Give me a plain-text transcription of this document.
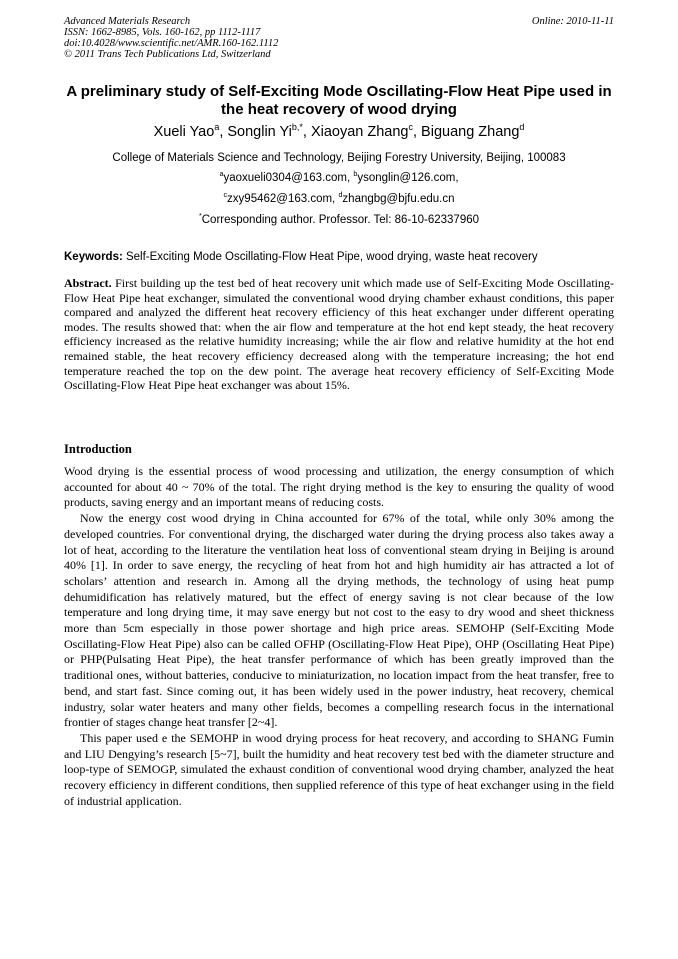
Advanced Materials Research
ISSN: 1662-8985, Vols. 160-162, pp 1112-1117
doi:10.4028/www.scientific.net/AMR.160-162.1112
© 2011 Trans Tech Publications Ltd, Switzerland
Online: 2010-11-11
A preliminary study of Self-Exciting Mode Oscillating-Flow Heat Pipe used in the heat recovery of wood drying
Xueli Yao$^a$, Songlin $Yi^{b,*}$, Xiaoyan Zhang$^c$, Biguang Zhang$^d$
College of Materials Science and Technology, Beijing Forestry University, Beijing, 100083
$^a$yaoxueli0304@163.com, $^b$ysonglin@126.com,
$^c$zxy95462@163.com, $^d$zhangbg@bjfu.edu.cn
*Corresponding author. Professor. Tel: 86-10-62337960
Keywords: Self-Exciting Mode Oscillating-Flow Heat Pipe, wood drying, waste heat recovery
Abstract. First building up the test bed of heat recovery unit which made use of Self-Exciting Mode Oscillating-Flow Heat Pipe heat exchanger, simulated the conventional wood drying chamber exhaust conditions, this paper compared and analyzed the different heat recovery efficiency of this heat exchanger under different operating modes. The results showed that: when the air flow and temperature at the hot end kept steady, the heat recovery efficiency increased as the relative humidity increasing; while the air flow and relative humidity at the hot end remained stable, the heat recovery efficiency decreased along with the temperature increasing; the hot end temperature reached the top on the dew point. The average heat recovery efficiency of Self-Exciting Mode Oscillating-Flow Heat Pipe heat exchanger was about 15%.
Introduction

Wood drying is the essential process of wood processing and utilization, the energy consumption of which accounted for about 40 ~ 70% of the total. The right drying method is the key to ensuring the quality of wood products, saving energy and an important means of reducing costs.

Now the energy cost wood drying in China accounted for 67% of the total, while only 30% among the developed countries. For conventional drying, the discharged water during the drying process also takes away a lot of heat, according to the literature the ventilation heat loss of conventional steam drying in Beijing is around 40% [1]. In order to save energy, the recycling of heat from hot and high humidity air has attracted a lot of scholars’ attention and research in. Among all the drying methods, the technology of using heat pump dehumidification has relatively matured, but the effect of energy saving is not clear because of the low temperature and long drying time, it may save energy but not cost to the easy to dry wood and sheet thickness more than 5cm especially in those power shortage and high price areas. SEMOHP (Self-Exciting Mode Oscillating-Flow Heat Pipe) also can be called OFHP (Oscillating-Flow Heat Pipe), OHP (Oscillating Heat Pipe) or PHP(Pulsating Heat Pipe), the heat transfer performance of which has been greatly improved than the traditional ones, without batteries, conducive to miniaturization, no location impact from the heat transfer, free to bend, and start fast. Since coming out, it has been widely used in the power industry, heat recovery, chemical industry, solar water heaters and many other fields, becomes a compelling research focus in the international frontier of stages change heat transfer [2~4].

This paper used e the SEMOHP in wood drying process for heat recovery, and according to SHANG Fumin and LIU Dengying’s research [5~7], built the humidity and heat recovery test bed with the diameter structure and loop-type of SEMOGP, simulated the exhaust condition of conventional wood drying chamber, analyzed the heat recovery efficiency in different conditions, then supplied reference of this type of heat exchanger using in the field of industrial application.
